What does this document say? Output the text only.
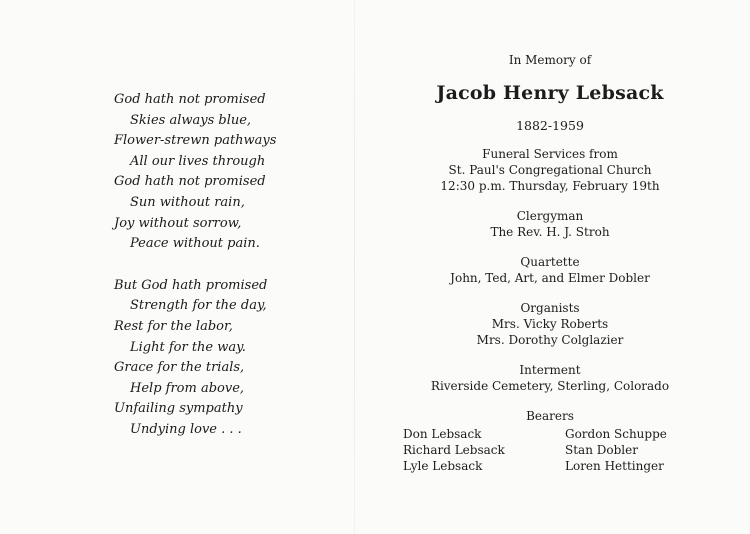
God hath not promised
Skies always blue,
Flower-strewn pathways
All our lives through
God hath not promised
Sun without rain,
Joy without sorrow,
Peace without pain.
But God hath promised
Strength for the day,
Rest for the labor,
Light for the way.
Grace for the trials,
Help from above,
Unfailing sympathy
Undying love . . .
In Memory of
Jacob Henry Lebsack
1882-1959
Funeral Services from
St. Paul's Congregational Church
12:30 p.m. Thursday, February 19th
Clergyman
The Rev. H. J. Stroh
Quartette
John, Ted, Art, and Elmer Dobler
Organists
Mrs. Vicky Roberts
Mrs. Dorothy Colglazier
Interment
Riverside Cemetery, Sterling, Colorado
Bearers
Don Lebsack
Richard Lebsack
Lyle Lebsack
Gordon Schuppe
Stan Dobler
Loren Hettinger
